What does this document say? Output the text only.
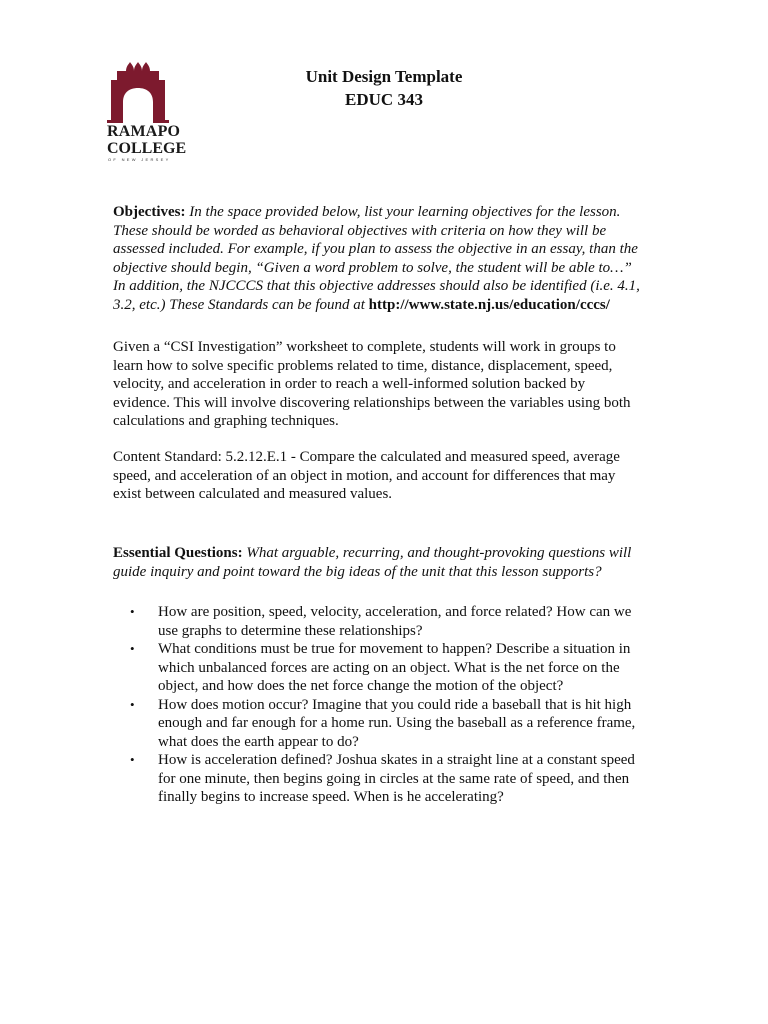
RAMAPO
COLLEGE
OF NEW JERSEY
Unit Design Template
EDUC 343

Objectives: In the space provided below, list your learning objectives for the lesson. These should be worded as behavioral objectives with criteria on how they will be assessed included. For example, if you plan to assess the objective in an essay, than the objective should begin, “Given a word problem to solve, the student will be able to…” In addition, the NJCCCS that this objective addresses should also be identified (i.e. 4.1, 3.2, etc.) These Standards can be found at http://www.state.nj.us/education/cccs/

Given a “CSI Investigation” worksheet to complete, students will work in groups to learn how to solve specific problems related to time, distance, displacement, speed, velocity, and acceleration in order to reach a well-informed solution backed by evidence. This will involve discovering relationships between the variables using both calculations and graphing techniques.

Content Standard: 5.2.12.E.1 - Compare the calculated and measured speed, average speed, and acceleration of an object in motion, and account for differences that may exist between calculated and measured values.

Essential Questions: What arguable, recurring, and thought-provoking questions will guide inquiry and point toward the big ideas of the unit that this lesson supports?

• How are position, speed, velocity, acceleration, and force related? How can we use graphs to determine these relationships?
• What conditions must be true for movement to happen? Describe a situation in which unbalanced forces are acting on an object. What is the net force on the object, and how does the net force change the motion of the object?
• How does motion occur? Imagine that you could ride a baseball that is hit high enough and far enough for a home run. Using the baseball as a reference frame, what does the earth appear to do?
• How is acceleration defined? Joshua skates in a straight line at a constant speed for one minute, then begins going in circles at the same rate of speed, and then finally begins to increase speed. When is he accelerating?
